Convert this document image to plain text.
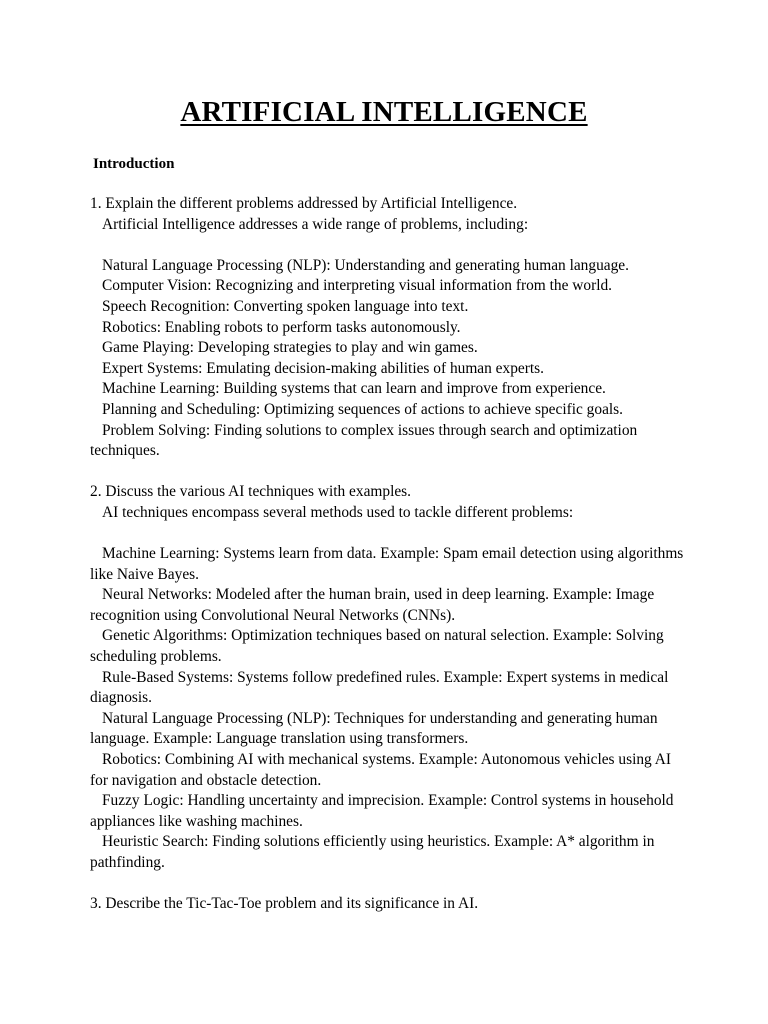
ARTIFICIAL INTELLIGENCE
Introduction
1. Explain the different problems addressed by Artificial Intelligence.
Artificial Intelligence addresses a wide range of problems, including:
Natural Language Processing (NLP): Understanding and generating human language.
Computer Vision: Recognizing and interpreting visual information from the world.
Speech Recognition: Converting spoken language into text.
Robotics: Enabling robots to perform tasks autonomously.
Game Playing: Developing strategies to play and win games.
Expert Systems: Emulating decision-making abilities of human experts.
Machine Learning: Building systems that can learn and improve from experience.
Planning and Scheduling: Optimizing sequences of actions to achieve specific goals.
Problem Solving: Finding solutions to complex issues through search and optimization
techniques.
2. Discuss the various AI techniques with examples.
AI techniques encompass several methods used to tackle different problems:
Machine Learning: Systems learn from data. Example: Spam email detection using algorithms
like Naive Bayes.
Neural Networks: Modeled after the human brain, used in deep learning. Example: Image
recognition using Convolutional Neural Networks (CNNs).
Genetic Algorithms: Optimization techniques based on natural selection. Example: Solving
scheduling problems.
Rule-Based Systems: Systems follow predefined rules. Example: Expert systems in medical
diagnosis.
Natural Language Processing (NLP): Techniques for understanding and generating human
language. Example: Language translation using transformers.
Robotics: Combining AI with mechanical systems. Example: Autonomous vehicles using AI
for navigation and obstacle detection.
Fuzzy Logic: Handling uncertainty and imprecision. Example: Control systems in household
appliances like washing machines.
Heuristic Search: Finding solutions efficiently using heuristics. Example: A* algorithm in
pathfinding.
3. Describe the Tic-Tac-Toe problem and its significance in AI.
